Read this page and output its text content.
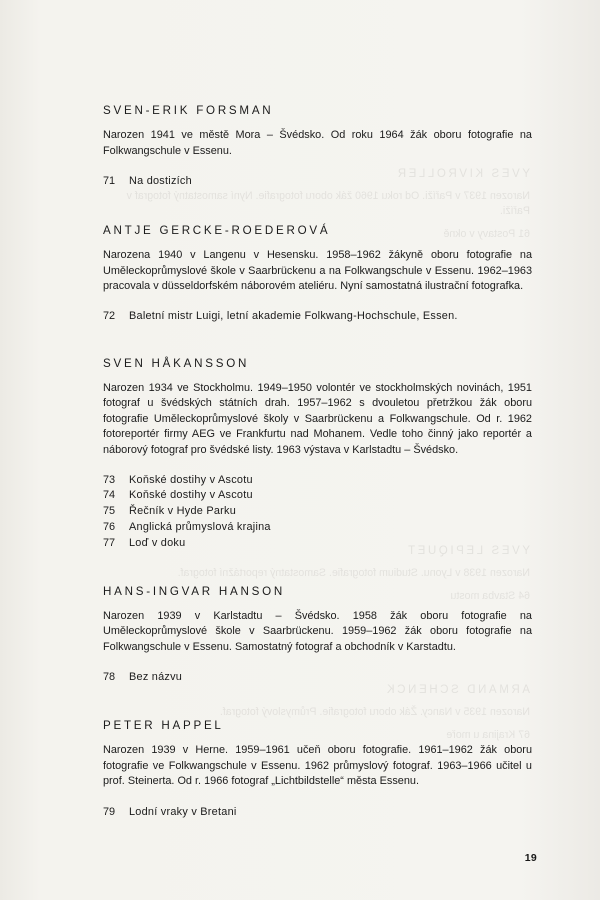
SVEN-ERIK FORSMAN

Narozen 1941 ve městě Mora – Švédsko. Od roku 1964 žák oboru fotografie na Folkwangschule v Essenu.

71	Na dostizích
ANTJE GERCKE-ROEDEROVÁ

Narozena 1940 v Langenu v Hesensku. 1958–1962 žákyně oboru fotografie na Uměleckoprůmyslové škole v Saarbrückenu a na Folkwangschule v Essenu. 1962–1963 pracovala v düsseldorfském náborovém ateliéru. Nyní samostatná ilustrační fotografka.

72	Baletní mistr Luigi, letní akademie Folkwang-Hochschule, Essen.
SVEN HÅKANSSON

Narozen 1934 ve Stockholmu. 1949–1950 volontér ve stockholmských novinách, 1951 fotograf u švédských státních drah. 1957–1962 s dvouletou přetržkou žák oboru fotografie Uměleckoprůmyslové školy v Saarbrückenu a Folkwangschule. Od r. 1962 fotoreportér firmy AEG ve Frankfurtu nad Mohanem. Vedle toho činný jako reportér a náborový fotograf pro švédské listy. 1963 výstava v Karlstadtu – Švédsko.

73	Koňské dostihy v Ascotu
74	Koňské dostihy v Ascotu
75	Řečník v Hyde Parku
76	Anglická průmyslová krajina
77	Loď v doku
HANS-INGVAR HANSON

Narozen 1939 v Karlstadtu – Švédsko. 1958 žák oboru fotografie na Uměleckoprůmyslové škole v Saarbrückenu. 1959–1962 žák oboru fotografie na Folkwangschule v Essenu. Samostatný fotograf a obchodník v Karstadtu.

78	Bez názvu
PETER HAPPEL

Narozen 1939 v Herne. 1959–1961 učeň oboru fotografie. 1961–1962 žák oboru fotografie ve Folkwangschule v Essenu. 1962 průmyslový fotograf. 1963–1966 učitel u prof. Steinerta. Od r. 1966 fotograf „Lichtbildstelle“ města Essenu.

79	Lodní vraky v Bretani
19
